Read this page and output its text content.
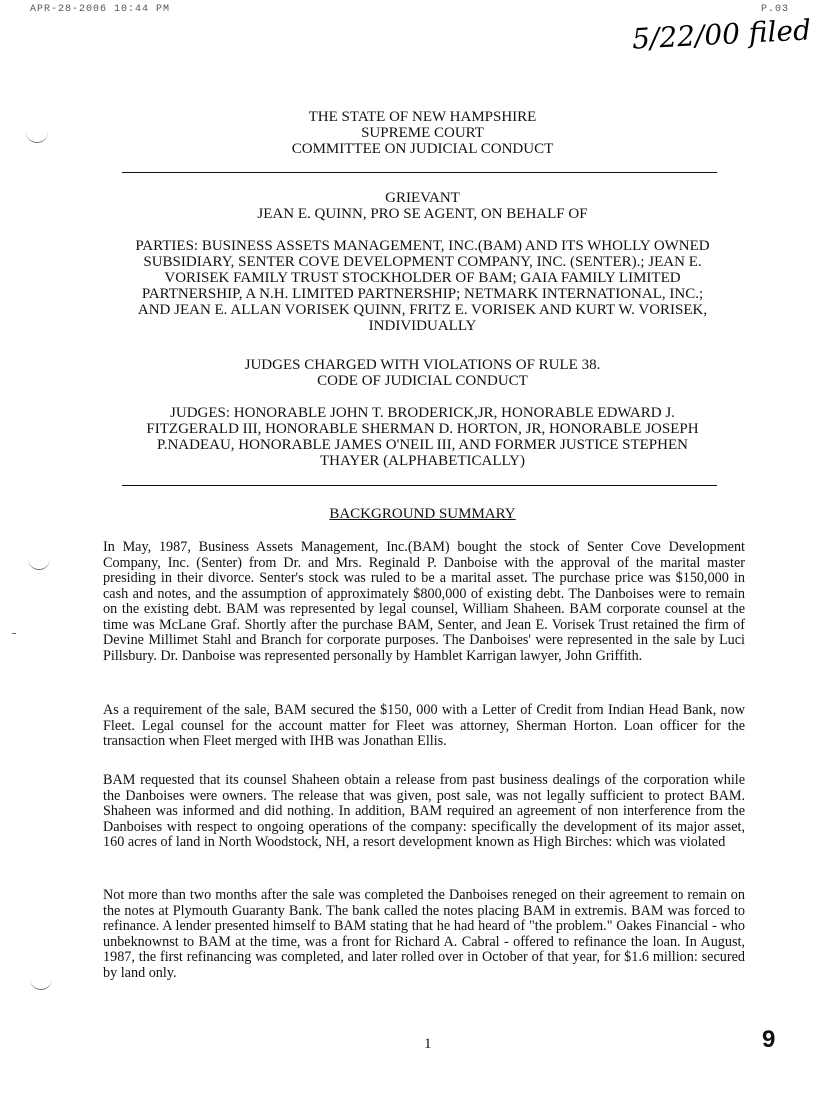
APR-28-2006 10:44 PM	P.03
5/22/00 filed
THE STATE OF NEW HAMPSHIRE
SUPREME COURT
COMMITTEE ON JUDICIAL CONDUCT
GRIEVANT
JEAN E. QUINN, PRO SE AGENT, ON BEHALF OF
PARTIES: BUSINESS ASSETS MANAGEMENT, INC.(BAM) AND ITS WHOLLY OWNED
SUBSIDIARY, SENTER COVE DEVELOPMENT COMPANY, INC. (SENTER).; JEAN E.
VORISEK FAMILY TRUST STOCKHOLDER OF BAM; GAIA FAMILY LIMITED
PARTNERSHIP, A N.H. LIMITED PARTNERSHIP; NETMARK INTERNATIONAL, INC.;
AND JEAN E. ALLAN VORISEK QUINN, FRITZ E. VORISEK AND KURT W. VORISEK,
INDIVIDUALLY
JUDGES CHARGED WITH VIOLATIONS OF RULE 38.
CODE OF JUDICIAL CONDUCT
JUDGES: HONORABLE JOHN T. BRODERICK,JR, HONORABLE EDWARD J.
FITZGERALD III, HONORABLE SHERMAN D. HORTON, JR, HONORABLE JOSEPH
P.NADEAU, HONORABLE JAMES O'NEIL III, AND FORMER JUSTICE STEPHEN
THAYER (ALPHABETICALLY)
BACKGROUND SUMMARY
In May, 1987, Business Assets Management, Inc.(BAM) bought the stock of Senter Cove Development Company, Inc. (Senter) from Dr. and Mrs. Reginald P. Danboise with the approval of the marital master presiding in their divorce. Senter's stock was ruled to be a marital asset. The purchase price was $150,000 in cash and notes, and the assumption of approximately $800,000 of existing debt. The Danboises were to remain on the existing debt. BAM was represented by legal counsel, William Shaheen. BAM corporate counsel at the time was McLane Graf. Shortly after the purchase BAM, Senter, and Jean E. Vorisek Trust retained the firm of Devine Millimet Stahl and Branch for corporate purposes. The Danboises' were represented in the sale by Luci Pillsbury. Dr. Danboise was represented personally by Hamblet Karrigan lawyer, John Griffith.
As a requirement of the sale, BAM secured the $150, 000 with a Letter of Credit from Indian Head Bank, now Fleet. Legal counsel for the account matter for Fleet was attorney, Sherman Horton. Loan officer for the transaction when Fleet merged with IHB was Jonathan Ellis.
BAM requested that its counsel Shaheen obtain a release from past business dealings of the corporation while the Danboises were owners. The release that was given, post sale, was not legally sufficient to protect BAM. Shaheen was informed and did nothing. In addition, BAM required an agreement of non interference from the Danboises with respect to ongoing operations of the company: specifically the development of its major asset, 160 acres of land in North Woodstock, NH, a resort development known as High Birches: which was violated
Not more than two months after the sale was completed the Danboises reneged on their agreement to remain on the notes at Plymouth Guaranty Bank. The bank called the notes placing BAM in extremis. BAM was forced to refinance. A lender presented himself to BAM stating that he had heard of "the problem." Oakes Financial - who unbeknownst to BAM at the time, was a front for Richard A. Cabral - offered to refinance the loan. In August, 1987, the first refinancing was completed, and later rolled over in October of that year, for $1.6 million: secured by land only.
1	9
